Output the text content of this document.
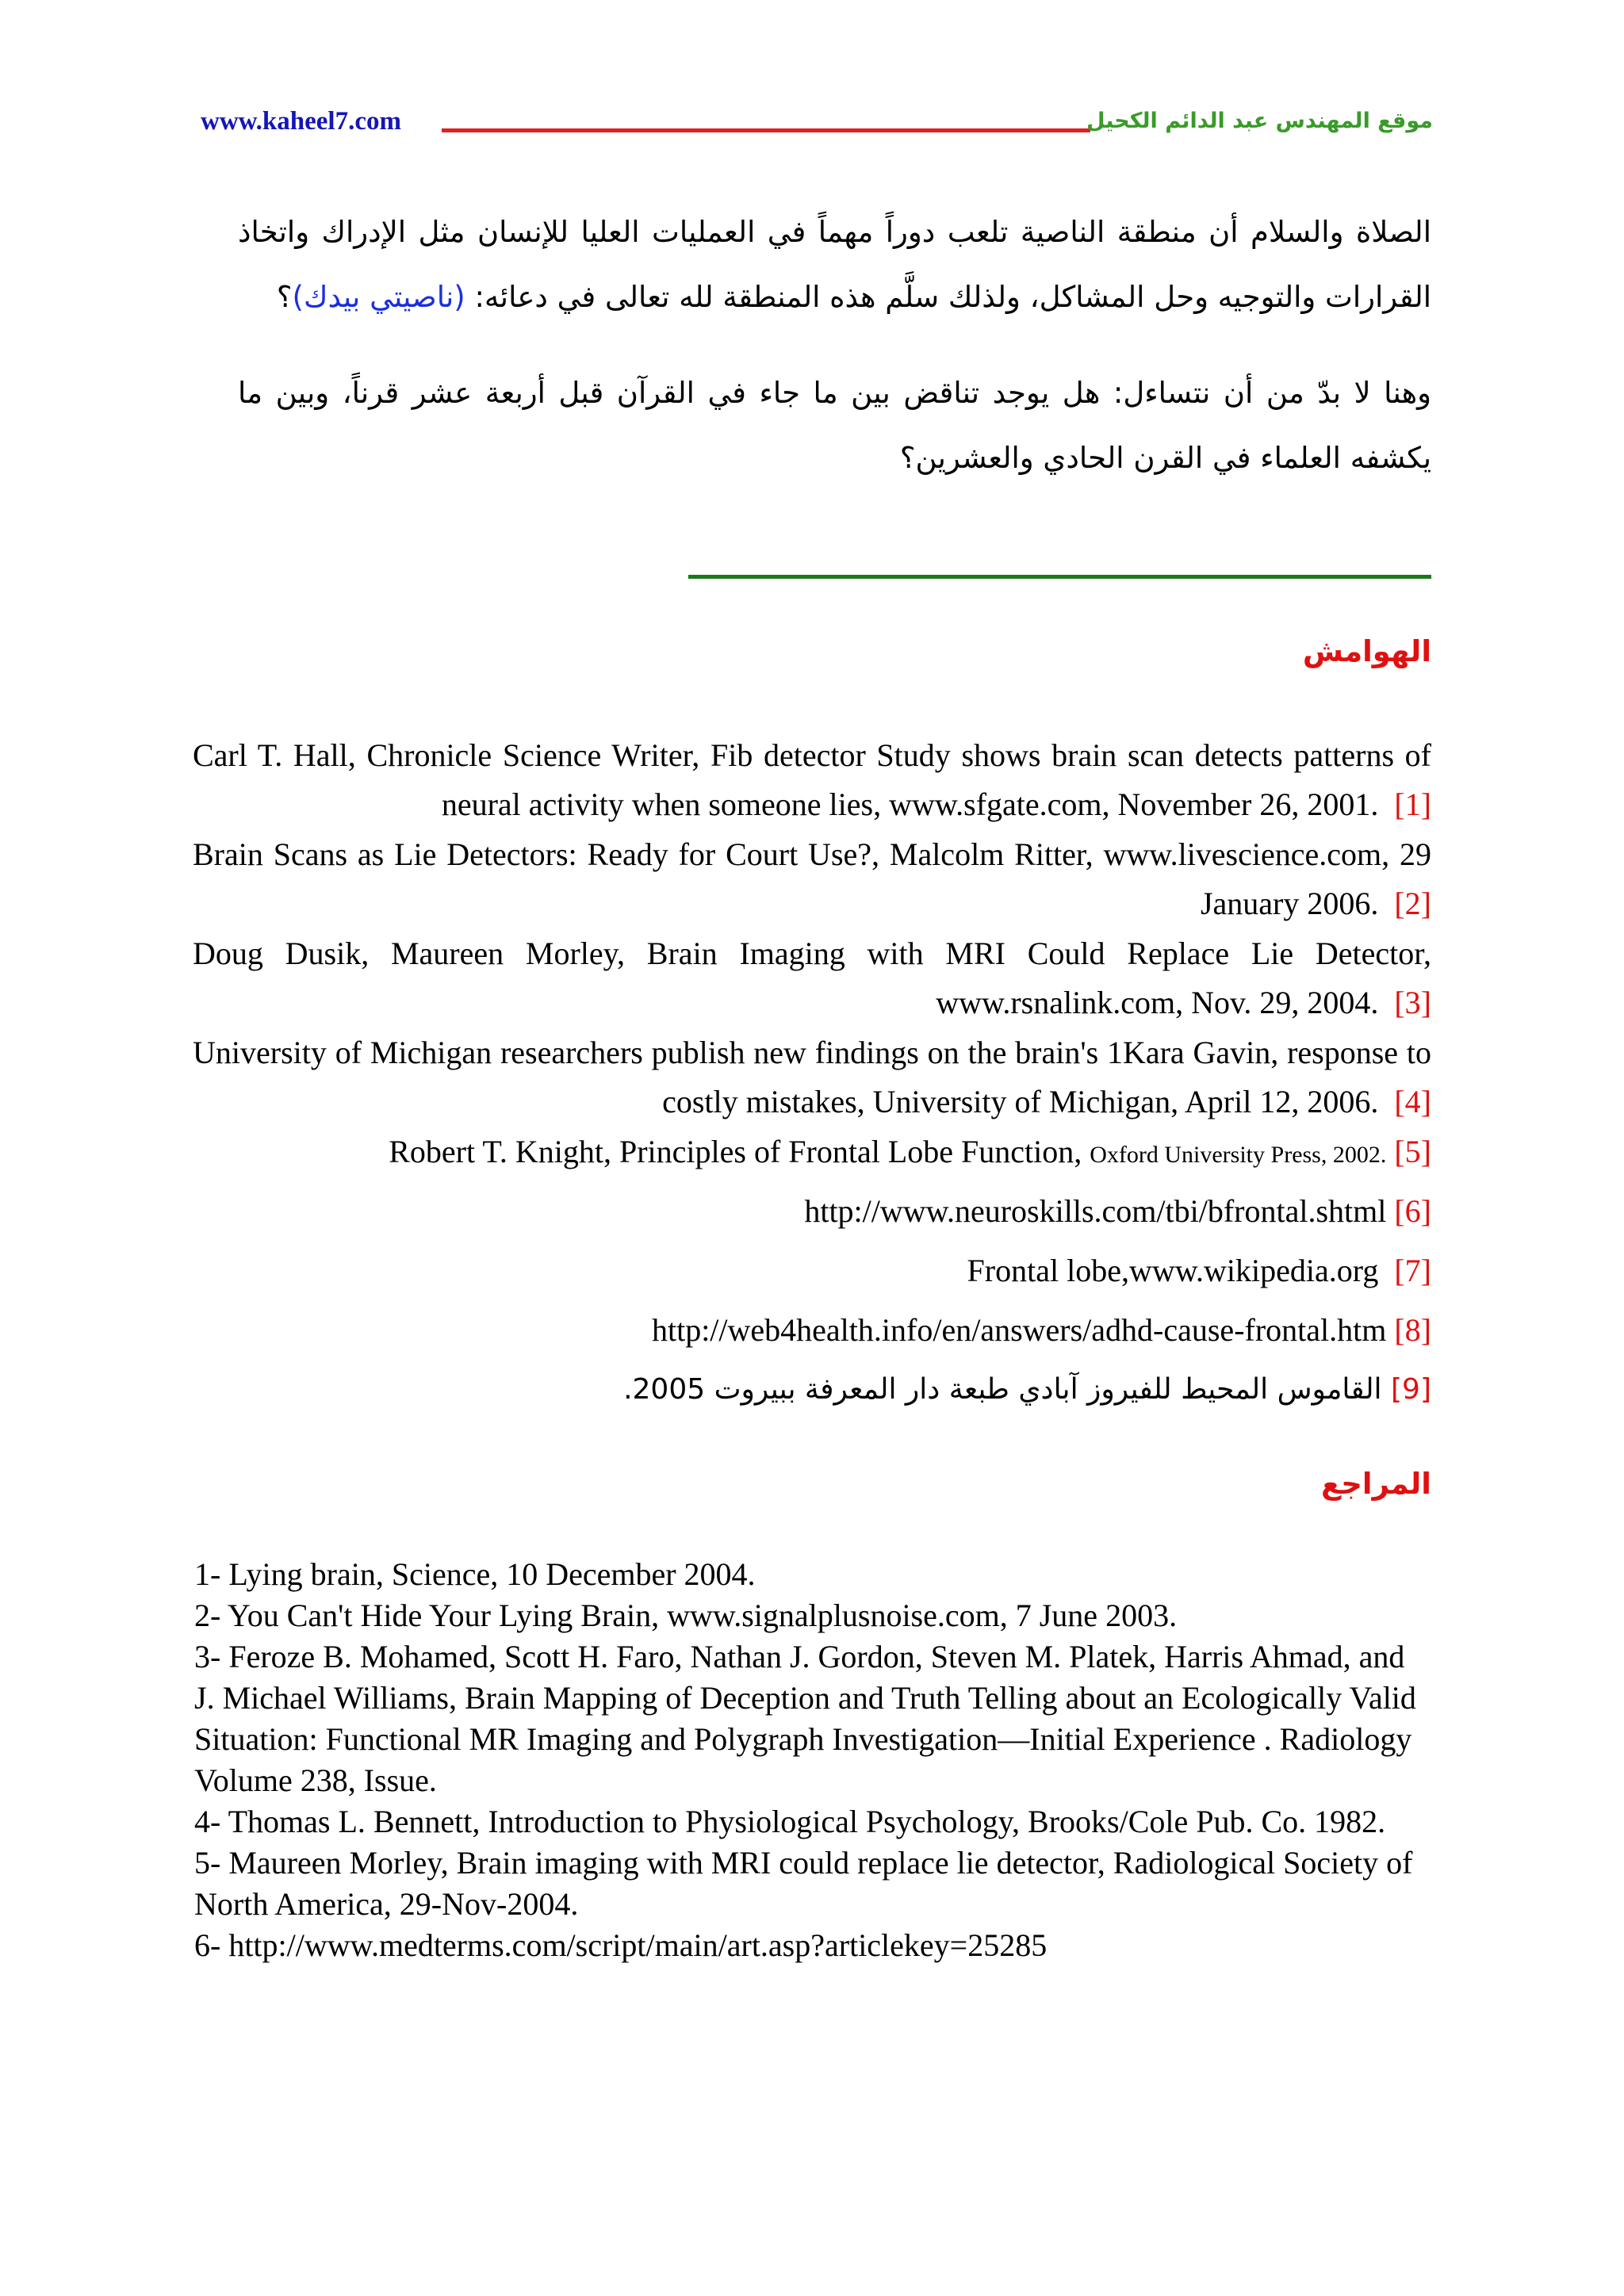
www.kaheel7.com	موقع المهندس عبد الدائم الكحيل
الصلاة والسلام أن منطقة الناصية تلعب دوراً مهماً في العمليات العليا للإنسان مثل الإدراك واتخاذ القرارات والتوجيه وحل المشاكل، ولذلك سلَّم هذه المنطقة لله تعالى في دعائه: (ناصيتي بيدك)؟
وهنا لا بدّ من أن نتساءل: هل يوجد تناقض بين ما جاء في القرآن قبل أربعة عشر قرناً، وبين ما يكشفه العلماء في القرن الحادي والعشرين؟
الهوامش
Carl T. Hall, Chronicle Science Writer, Fib detector Study shows brain scan detects patterns of neural activity when someone lies, www.sfgate.com, November 26, 2001. [1]
Brain Scans as Lie Detectors: Ready for Court Use?, Malcolm Ritter, www.livescience.com, 29 January 2006. [2]
Doug Dusik, Maureen Morley, Brain Imaging with MRI Could Replace Lie Detector, www.rsnalink.com, Nov. 29, 2004. [3]
University of Michigan researchers publish new findings on the brain's 1Kara Gavin, response to costly mistakes, University of Michigan, April 12, 2006. [4]
Robert T. Knight, Principles of Frontal Lobe Function, Oxford University Press, 2002. [5]
http://www.neuroskills.com/tbi/bfrontal.shtml [6]
Frontal lobe,www.wikipedia.org [7]
http://web4health.info/en/answers/adhd-cause-frontal.htm [8]
[9] القاموس المحيط للفيروز آبادي طبعة دار المعرفة ببيروت 2005.
المراجع
1- Lying brain, Science, 10 December 2004.
2- You Can't Hide Your Lying Brain, www.signalplusnoise.com, 7 June 2003.
3- Feroze B. Mohamed, Scott H. Faro, Nathan J. Gordon, Steven M. Platek, Harris Ahmad, and J. Michael Williams, Brain Mapping of Deception and Truth Telling about an Ecologically Valid Situation: Functional MR Imaging and Polygraph Investigation—Initial Experience . Radiology Volume 238, Issue.
4- Thomas L. Bennett, Introduction to Physiological Psychology, Brooks/Cole Pub. Co. 1982.
5- Maureen Morley, Brain imaging with MRI could replace lie detector, Radiological Society of North America, 29-Nov-2004.
6- http://www.medterms.com/script/main/art.asp?articlekey=25285
